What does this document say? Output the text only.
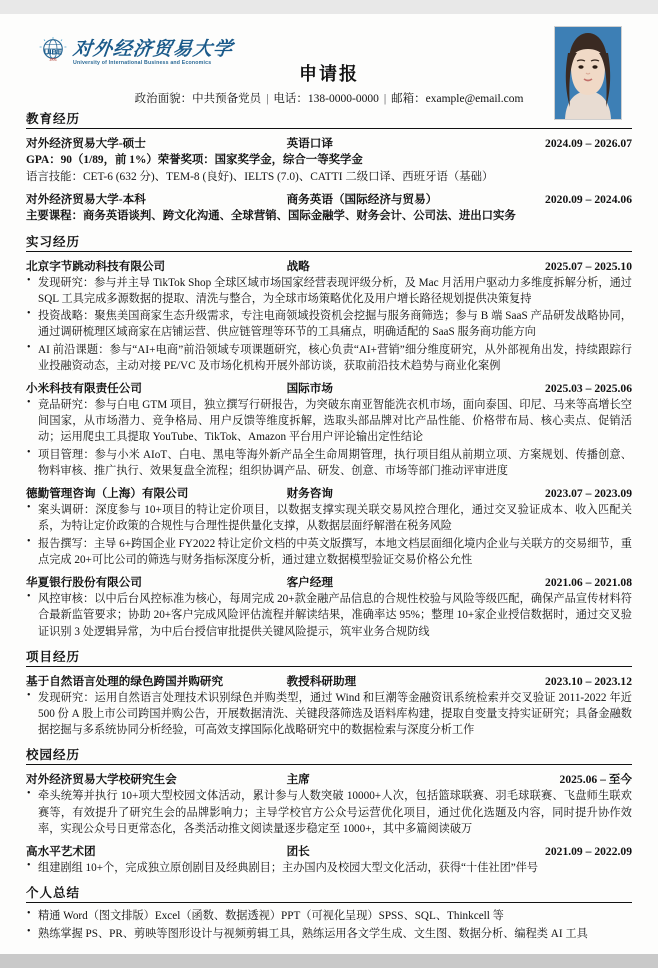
UIBE
1951 对外经济贸易大学
University of International Business and Economics
申请报
政治面貌：中共预备党员 | 电话：138-0000-0000 | 邮箱：example@email.com
教育经历
对外经济贸易大学-硕士	英语口译	2024.09 – 2026.07
GPA：90（1/89，前 1%）荣誉奖项：国家奖学金，综合一等奖学金
语言技能：CET-6 (632 分)、TEM-8 (良好)、IELTS (7.0)、CATTI 二级口译、西班牙语（基础）
对外经济贸易大学-本科	商务英语（国际经济与贸易）	2020.09 – 2024.06
主要课程：商务英语谈判、跨文化沟通、全球营销、国际金融学、财务会计、公司法、进出口实务
实习经历
北京字节跳动科技有限公司	战略	2025.07 – 2025.10
• 发现研究：参与并主导 TikTok Shop 全球区域市场国家经营表现评级分析，及 Mac 月活用户驱动力多维度拆解分析，通过 SQL 工具完成多源数据的提取、清洗与整合，为全球市场策略优化及用户增长路径规划提供决策复持
• 投资战略：聚焦美国商家生态升级需求，专注电商领域投资机会挖掘与服务商筛选；参与 B 端 SaaS 产品研发战略协同，通过调研梳理区域商家在店铺运营、供应链管理等环节的工具痛点，明确适配的 SaaS 服务商功能方向
• AI 前沿课题：参与“AI+电商”前沿领域专项课题研究，核心负责“AI+营销”细分维度研究，从外部视角出发，持续跟踪行业投融资动态，主动对接 PE/VC 及市场化机构开展外部访谈，获取前沿技术趋势与商业化案例
小米科技有限责任公司	国际市场	2025.03 – 2025.06
• 竞品研究：参与白电 GTM 项目，独立撰写行研报告，为突破东南亚智能洗衣机市场，面向泰国、印尼、马来等高增长空间国家，从市场潜力、竞争格局、用户反馈等维度拆解，选取头部品牌对比产品性能、价格带布局、核心卖点、促销活动；运用爬虫工具提取 YouTube、TikTok、Amazon 平台用户评论输出定性结论
• 项目管理：参与小米 AIoT、白电、黑电等海外新产品全生命周期管理，执行项目组从前期立项、方案规划、传播创意、物料审核、推广执行、效果复盘全流程；组织协调产品、研发、创意、市场等部门推动评审进度
德勤管理咨询（上海）有限公司	财务咨询	2023.07 – 2023.09
• 案头调研：深度参与 10+项目的特让定价项目，以数据支撑实现关联交易风控合理化，通过交叉验证成本、收入匹配关系，为特让定价政策的合规性与合理性提供量化支撑，从数据层面纾解潜在税务风险
• 报告撰写：主导 6+跨国企业 FY2022 特让定价文档的中英文版撰写，本地文档层面细化境内企业与关联方的交易细节，重点完成 20+可比公司的筛选与财务指标深度分析，通过建立数据模型验证交易价格公允性
华夏银行股份有限公司	客户经理	2021.06 – 2021.08
• 风控审核：以中后台风控标准为核心，每周完成 20+款金融产品信息的合规性校验与风险等级匹配，确保产品宣传材料符合最新监管要求；协助 20+客户完成风险评估流程并解读结果，准确率达 95%；整理 10+家企业授信数据时，通过交叉验证识别 3 处逻辑异常，为中后台授信审批提供关键风险提示，筑牢业务合规防线
项目经历
基于自然语言处理的绿色跨国并购研究	教授科研助理	2023.10 – 2023.12
• 发现研究：运用自然语言处理技术识别绿色并购类型，通过 Wind 和巨潮等金融资讯系统检索并交叉验证 2011-2022 年近 500 份 A 股上市公司跨国并购公告，开展数据清洗、关键段落筛选及语料库构建，提取自变量支持实证研究；具备金融数据挖掘与多系统协同分析经验，可高效支撑国际化战略研究中的数据检索与深度分析工作
校园经历
对外经济贸易大学校研究生会	主席	2025.06 – 至今
• 牵头统筹并执行 10+项大型校园文体活动，累计参与人数突破 10000+人次，包括篮球联赛、羽毛球联赛、飞盘师生联欢赛等，有效提升了研究生会的品牌影响力；主导学校官方公众号运营优化项目，通过优化选题及内容，同时提升协作效率，实现公众号日更常态化，各类活动推文阅读量逐步稳定至 1000+，其中多篇阅读破万
高水平艺术团	团长	2021.09 – 2022.09
• 组建剧组 10+个，完成独立原创剧目及经典剧目；主办国内及校园大型文化活动，获得“十佳社团”伴号
个人总结
• 精通 Word（图文排版）Excel（函数、数据透视）PPT（可视化呈现）SPSS、SQL、Thinkcell 等
• 熟练掌握 PS、PR、剪映等图形设计与视频剪辑工具，熟练运用各文学生成、文生图、数据分析、编程类 AI 工具
